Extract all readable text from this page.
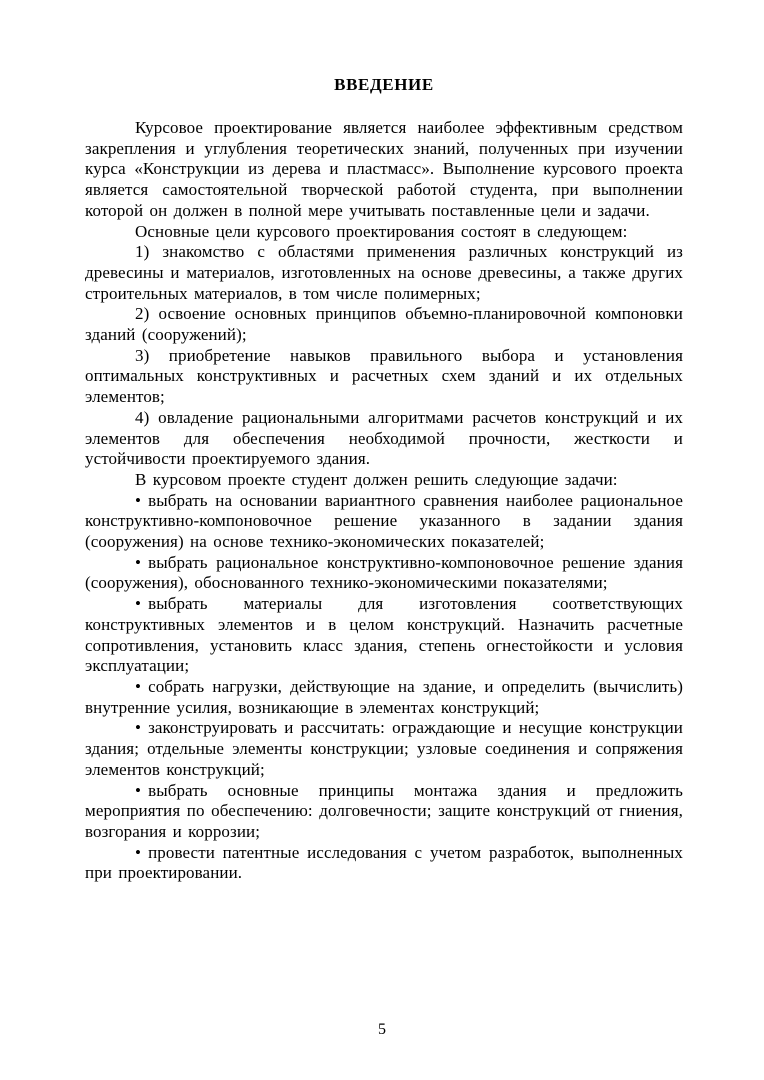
ВВЕДЕНИЕ

Курсовое проектирование является наиболее эффективным средством закрепления и углубления теоретических знаний, полученных при изучении курса «Конструкции из дерева и пластмасс». Выполнение курсового проекта является самостоятельной творческой работой студента, при выполнении которой он должен в полной мере учитывать поставленные цели и задачи.

Основные цели курсового проектирования состоят в следующем:

1) знакомство с областями применения различных конструкций из древесины и материалов, изготовленных на основе древесины, а также других строительных материалов, в том числе полимерных;

2) освоение основных принципов объемно-планировочной компоновки зданий (сооружений);

3) приобретение навыков правильного выбора и установления оптимальных конструктивных и расчетных схем зданий и их отдельных элементов;

4) овладение рациональными алгоритмами расчетов конструкций и их элементов для обеспечения необходимой прочности, жесткости и устойчивости проектируемого здания.

В курсовом проекте студент должен решить следующие задачи:

• выбрать на основании вариантного сравнения наиболее рациональное конструктивно-компоновочное решение указанного в задании здания (сооружения) на основе технико-экономических показателей;

• выбрать рациональное конструктивно-компоновочное решение здания (сооружения), обоснованного технико-экономическими показателями;

• выбрать материалы для изготовления соответствующих конструктивных элементов и в целом конструкций. Назначить расчетные сопротивления, установить класс здания, степень огнестойкости и условия эксплуатации;

• собрать нагрузки, действующие на здание, и определить (вычислить) внутренние усилия, возникающие в элементах конструкций;

• законструировать и рассчитать: ограждающие и несущие конструкции здания; отдельные элементы конструкции; узловые соединения и сопряжения элементов конструкций;

• выбрать основные принципы монтажа здания и предложить мероприятия по обеспечению: долговечности; защите конструкций от гниения, возгорания и коррозии;

• провести патентные исследования с учетом разработок, выполненных при проектировании.

5
